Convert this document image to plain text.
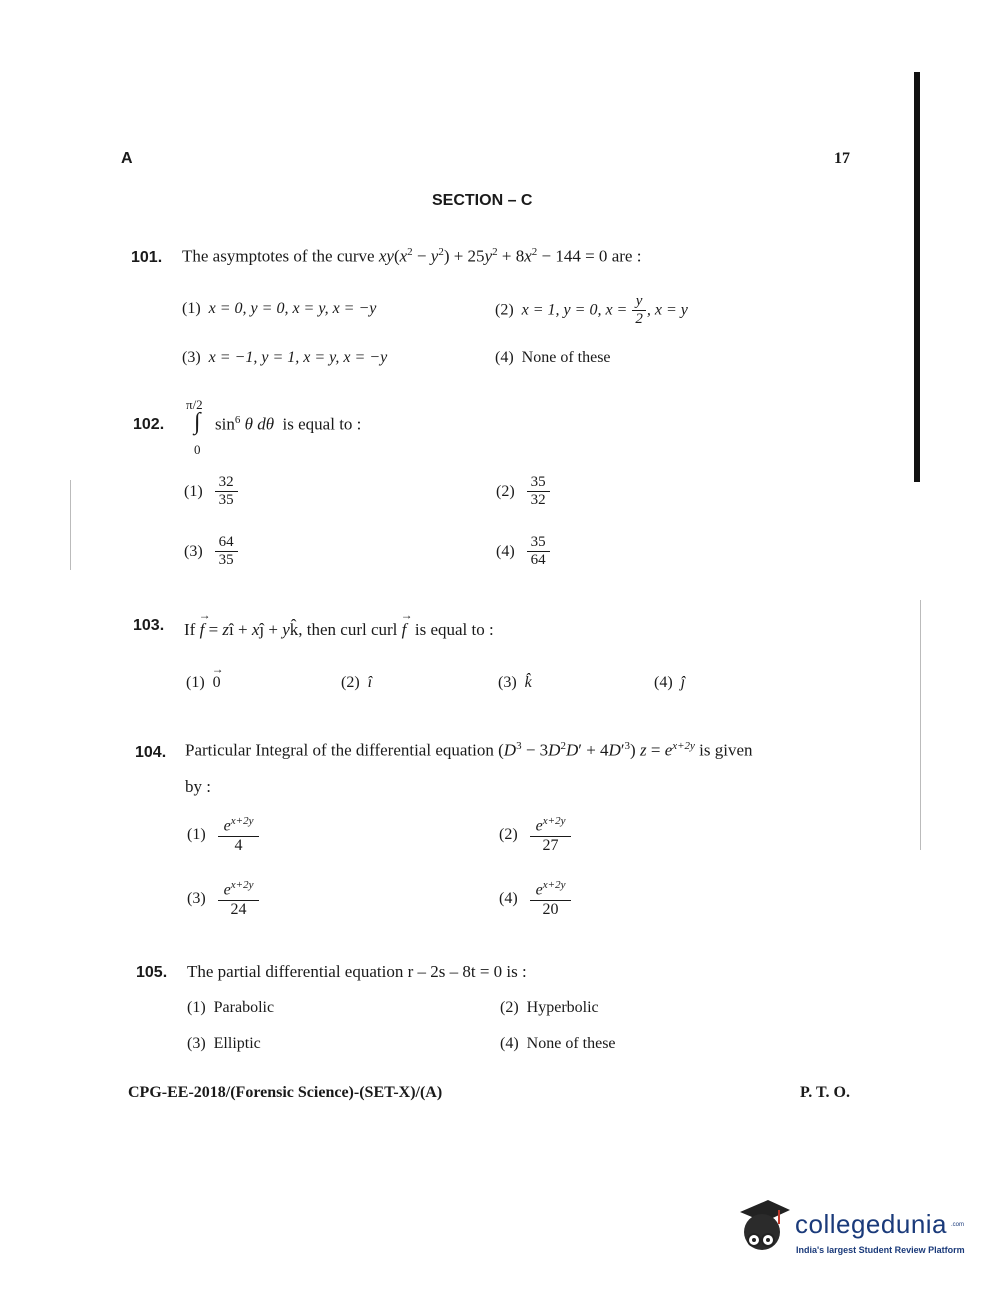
A	17
SECTION – C
101. The asymptotes of the curve $xy(x^2 - y^2) + 25y^2 + 8x^2 - 144 = 0$ are :
(1) x = 0, y = 0, x = y, x = −y	(2) x = 1, y = 0, $x = \frac{y}{2}$ , x = y
(3) x = −1, y = 1, x = y, x = −y	(4) None of these
102.
π/2
∫
0
$\sin^6 \theta$ dθ is equal to :
$(1) \frac{32}{35}$	$(2) \frac{35}{32}$
$(3) \frac{64}{35}$	$(4) \frac{35}{64}$
103. If f
→
= zî + xĵ + yk̂, then curl curl f
→
is equal to :
(1) 0
→
(2) î	(3) k̂	(4) ĵ
104. Particular Integral of the differential equation $(D^3 - 3D^2D' + 4D'^3) z = e^{x+2y}$ is given
by :
$(1) \frac{e^{x+2y}}{4}$	$(2) \frac{e^{x+2y}}{27}$
$(3) \frac{e^{x+2y}}{24}$	$(4) \frac{e^{x+2y}}{20}$
105. The partial differential equation r – 2s – 8t = 0 is :
(1) Parabolic	(2) Hyperbolic
(3) Elliptic	(4) None of these
CPG-EE-2018/(Forensic Science)-(SET-X)/(A)	P. T. O.
collegedunia .com
India's largest Student Review Platform
